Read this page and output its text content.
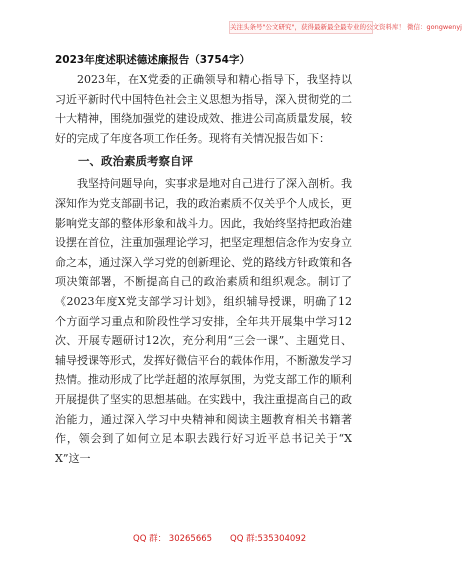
关注头条号"公文研究"，获得最新最全最专业的公文资料库！ 微信：gongwenyj
2023年度述职述德述廉报告（3754字）

2023年，在X党委的正确领导和精心指导下，我坚持以习近平新时代中国特色社会主义思想为指导，深入贯彻党的二十大精神，围绕加强党的建设成效、推进公司高质量发展，较好的完成了年度各项工作任务。现将有关情况报告如下：

一、政治素质考察自评

我坚持问题导向，实事求是地对自己进行了深入剖析。我深知作为党支部副书记，我的政治素质不仅关乎个人成长，更影响党支部的整体形象和战斗力。因此，我始终坚持把政治建设摆在首位，注重加强理论学习，把坚定理想信念作为安身立命之本，通过深入学习党的创新理论、党的路线方针政策和各项决策部署，不断提高自己的政治素质和组织观念。制订了《2023年度X党支部学习计划》，组织辅导授课，明确了12个方面学习重点和阶段性学习安排，全年共开展集中学习12次、开展专题研讨12次，充分利用“三会一课”、主题党日、辅导授课等形式，发挥好微信平台的载体作用，不断激发学习热情。推动形成了比学赶超的浓厚氛围，为党支部工作的顺利开展提供了坚实的思想基础。在实践中，我注重提高自己的政治能力，通过深入学习中央精神和阅读主题教育相关书籍著作，领会到了如何立足本职去践行好习近平总书记关于“XX”这一

QQ 群： 30265665 QQ 群:535304092
